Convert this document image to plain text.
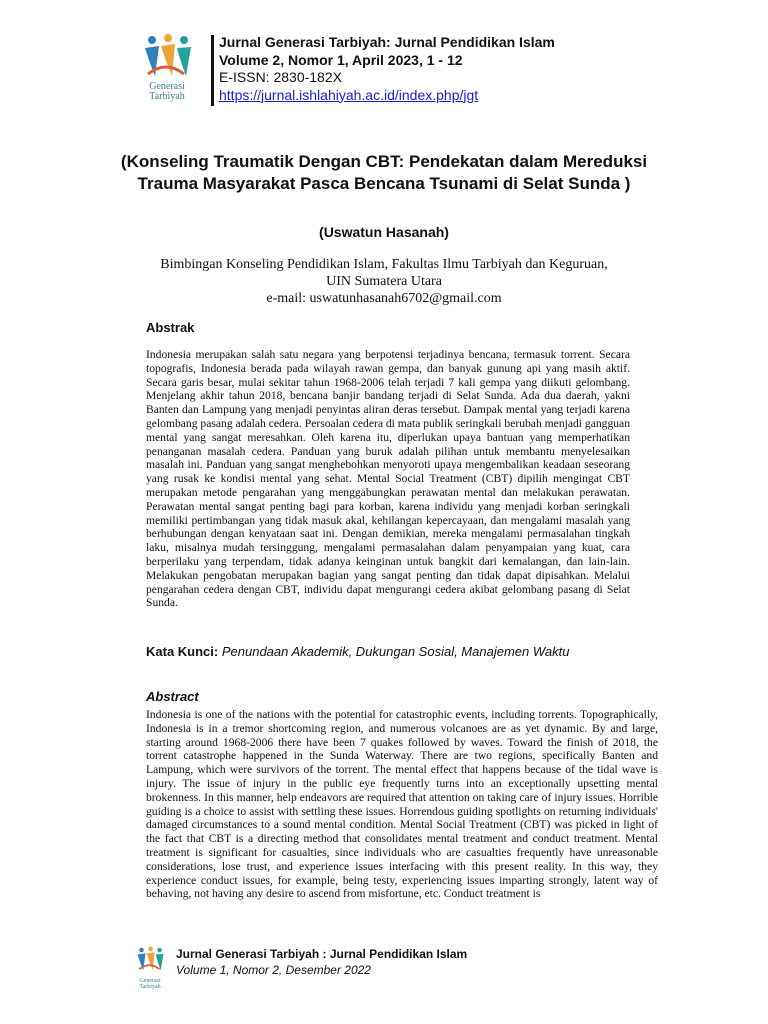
Generasi
Tarbiyah
Jurnal Generasi Tarbiyah: Jurnal Pendidikan Islam
Volume 2, Nomor 1, April 2023, 1 - 12
E-ISSN: 2830-182X
https://jurnal.ishlahiyah.ac.id/index.php/jgt
(Konseling Traumatik Dengan CBT: Pendekatan dalam Mereduksi Trauma Masyarakat Pasca Bencana Tsunami di Selat Sunda )
(Uswatun Hasanah)
Bimbingan Konseling Pendidikan Islam, Fakultas Ilmu Tarbiyah dan Keguruan,
UIN Sumatera Utara
e-mail: uswatunhasanah6702@gmail.com
Abstrak

Indonesia merupakan salah satu negara yang berpotensi terjadinya bencana, termasuk torrent. Secara topografis, Indonesia berada pada wilayah rawan gempa, dan banyak gunung api yang masih aktif. Secara garis besar, mulai sekitar tahun 1968-2006 telah terjadi 7 kali gempa yang diikuti gelombang. Menjelang akhir tahun 2018, bencana banjir bandang terjadi di Selat Sunda. Ada dua daerah, yakni Banten dan Lampung yang menjadi penyintas aliran deras tersebut. Dampak mental yang terjadi karena gelombang pasang adalah cedera. Persoalan cedera di mata publik seringkali berubah menjadi gangguan mental yang sangat meresahkan. Oleh karena itu, diperlukan upaya bantuan yang memperhatikan penanganan masalah cedera. Panduan yang buruk adalah pilihan untuk membantu menyelesaikan masalah ini. Panduan yang sangat menghebohkan menyoroti upaya mengembalikan keadaan seseorang yang rusak ke kondisi mental yang sehat. Mental Social Treatment (CBT) dipilih mengingat CBT merupakan metode pengarahan yang menggabungkan perawatan mental dan melakukan perawatan. Perawatan mental sangat penting bagi para korban, karena individu yang menjadi korban seringkali memiliki pertimbangan yang tidak masuk akal, kehilangan kepercayaan, dan mengalami masalah yang berhubungan dengan kenyataan saat ini. Dengan demikian, mereka mengalami permasalahan tingkah laku, misalnya mudah tersinggung, mengalami permasalahan dalam penyampaian yang kuat, cara berperilaku yang terpendam, tidak adanya keinginan untuk bangkit dari kemalangan, dan lain-lain. Melakukan pengobatan merupakan bagian yang sangat penting dan tidak dapat dipisahkan. Melalui pengarahan cedera dengan CBT, individu dapat mengurangi cedera akibat gelombang pasang di Selat Sunda.

Kata Kunci: Penundaan Akademik, Dukungan Sosial, Manajemen Waktu
Abstract

Indonesia is one of the nations with the potential for catastrophic events, including torrents. Topographically, Indonesia is in a tremor shortcoming region, and numerous volcanoes are as yet dynamic. By and large, starting around 1968-2006 there have been 7 quakes followed by waves. Toward the finish of 2018, the torrent catastrophe happened in the Sunda Waterway. There are two regions, specifically Banten and Lampung, which were survivors of the torrent. The mental effect that happens because of the tidal wave is injury. The issue of injury in the public eye frequently turns into an exceptionally upsetting mental brokenness. In this manner, help endeavors are required that attention on taking care of injury issues. Horrible guiding is a choice to assist with settling these issues. Horrendous guiding spotlights on returning individuals' damaged circumstances to a sound mental condition. Mental Social Treatment (CBT) was picked in light of the fact that CBT is a directing method that consolidates mental treatment and conduct treatment. Mental treatment is significant for casualties, since individuals who are casualties frequently have unreasonable considerations, lose trust, and experience issues interfacing with this present reality. In this way, they experience conduct issues, for example, being testy, experiencing issues imparting strongly, latent way of behaving, not having any desire to ascend from misfortune, etc. Conduct treatment is

Generasi
Tarbiyah
Jurnal Generasi Tarbiyah : Jurnal Pendidikan Islam
Volume 1, Nomor 2, Desember 2022
